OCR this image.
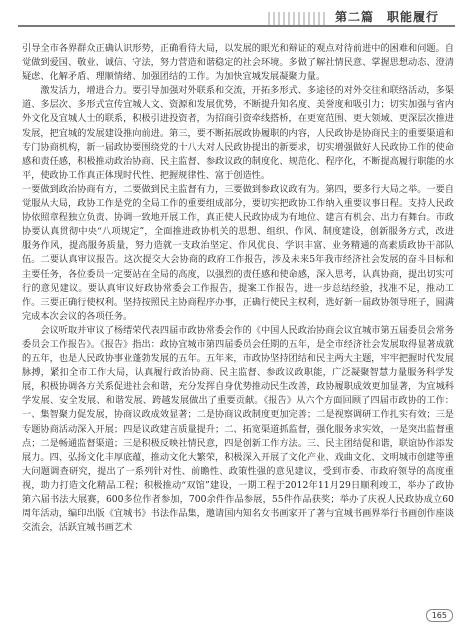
第二篇　职能履行

引导全市各界群众正确认识形势，正确看待大局，以发展的眼光和辩证的观点对待前进中的困难和问题。自觉做到爱国、敬业、诚信、守法，努力营造和谐稳定的社会环境。多做了解社情民意、掌握思想动态、澄清疑虑、化解矛盾、理顺情绪、加强团结的工作。为加快宜城发展凝聚力量。

激发活力，增进合力。要引导加强对外联系和交流，开拓多形式、多途径的对外交往和联络活动，多渠道、多层次、多形式宣传宜城人文、资源和发展优势，不断提升知名度、美誉度和吸引力；切实加强与省内外文化及宜城人士的联系，积极引进投资者，为招商引资牵线搭桥，在更宽范围、更大领域、更深层次推进发展，把宜城的发展建设推向前进。第三，要不断拓展政协履职的内容，人民政协是协商民主的重要渠道和专门协商机构，新一届政协要围绕党的十八大对人民政协提出的新要求，切实增强做好人民政协工作的使命感和责任感，积极推动政治协商、民主监督、参政议政的制度化、规范化、程序化，不断提高履行职能的水平，使政协工作真正体现时代性、把握规律性、富于创造性。

一要做到政治协商有方，二要做到民主监督有力，三要做到参政议政有为。第四，要多行大局之举。一要自觉服从大局，政协工作是党的全局工作的重要组成部分，要切实把政协工作纳入重要议事日程。支持人民政协依照章程独立负责、协调一致地开展工作，真正使人民政协成为有地位、建言有机会、出力有舞台。市政协要认真贯彻中央“八项规定”，全面推进政协机关的思想、组织、作风、制度建设，创新服务方式，改进服务作风，提高服务质量，努力造就一支政治坚定、作风优良、学识丰富、业务精通的高素质政协干部队伍。二要认真审议报告。这次提交大会协商的政府工作报告，涉及未来5年我市经济社会发展的奋斗目标和主要任务，各位委员一定要站在全局的高度，以强烈的责任感和使命感，深入思考，认真协商，提出切实可行的意见建议。要认真审议好政协常委会工作报告，提案工作报告，进一步总结经验，找准不足，推动工作。三要正确行使权利。坚持按照民主协商程序办事，正确行使民主权利，选好新一届政协领导班子，圆满完成本次会议的各项任务。

会议听取并审议了杨缙荣代表四届市政协常委会作的《中国人民政治协商会议宜城市第五届委员会常务委员会工作报告》。《报告》指出：政协宜城市第四届委员会任期的五年，是全市经济社会发展取得显著成就的五年，也是人民政协事业蓬勃发展的五年。五年来，市政协坚持团结和民主两大主题，牢牢把握时代发展脉搏，紧扣全市工作大局，认真履行政治协商、民主监督、参政议政职能，广泛凝聚智慧力量服务科学发展，积极协调各方关系促进社会和谐，充分发挥自身优势推动民生改善，政协履职成效更加显著，为宜城科学发展、安全发展、和谐发展、跨越发展做出了重要贡献。《报告》从六个方面回顾了四届市政协的工作：一、集智聚力促发展，协商议政成效显著；二是协商议政制度更加完善；二是视察调研工作扎实有效；三是专题协商活动深入开展；四是议政建言质量提升；二、拓宽渠道抓监督，强化服务求实效，一是突出监督重点；二是畅通监督渠道；三是积极反映社情民意，四是创新工作方法。三、民主团结促和谐，联谊协作添发展力。四、弘扬文化丰厚底蕴，推动文化大繁荣，积极深入开展了文化产业、戏曲文化、文明城市创建等重大问题调查研究，提出了一系列针对性、前瞻性、政策性强的意见建议，受到市委、市政府领导的高度重视，助力打造文化精品工程；积极推动“双馆”建设，一期工程于2012年11月29日顺利竣工，举办了政协第六届书法大展赛，600多位作者参加，700余件作品参展，55件作品获奖；举办了庆祝人民政协成立60周年活动，编印出版《宜城书》书法作品集，邀请国内知名女书画家开了著与宜城书画界举行书画创作座谈交流会，活跃宜城书画艺术

165
